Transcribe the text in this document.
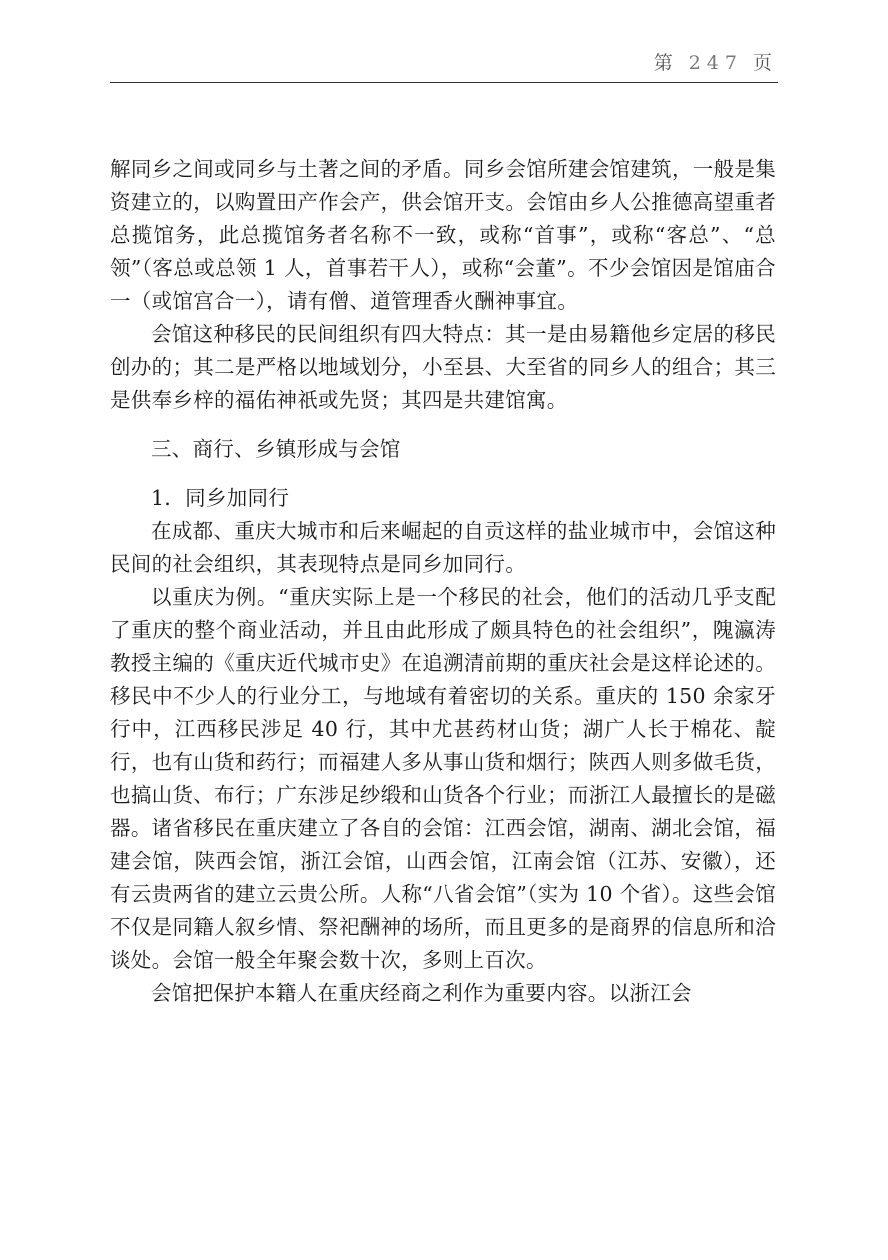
第 247 页

解同乡之间或同乡与土著之间的矛盾。同乡会馆所建会馆建筑，一般是集资建立的，以购置田产作会产，供会馆开支。会馆由乡人公推德高望重者总揽馆务，此总揽馆务者名称不一致，或称“首事”，或称“客总”、“总领”（客总或总领 1 人，首事若干人），或称“会董”。不少会馆因是馆庙合一（或馆宫合一），请有僧、道管理香火酬神事宜。

会馆这种移民的民间组织有四大特点：其一是由易籍他乡定居的移民创办的；其二是严格以地域划分，小至县、大至省的同乡人的组合；其三是供奉乡梓的福佑神祇或先贤；其四是共建馆寓。

三、商行、乡镇形成与会馆

1．同乡加同行

在成都、重庆大城市和后来崛起的自贡这样的盐业城市中，会馆这种民间的社会组织，其表现特点是同乡加同行。

以重庆为例。“重庆实际上是一个移民的社会，他们的活动几乎支配了重庆的整个商业活动，并且由此形成了颇具特色的社会组织”，隗瀛涛教授主编的《重庆近代城市史》在追溯清前期的重庆社会是这样论述的。移民中不少人的行业分工，与地域有着密切的关系。重庆的 150 余家牙行中，江西移民涉足 40 行，其中尤甚药材山货；湖广人长于棉花、靛行，也有山货和药行；而福建人多从事山货和烟行；陕西人则多做毛货，也搞山货、布行；广东涉足纱缎和山货各个行业；而浙江人最擅长的是磁器。诸省移民在重庆建立了各自的会馆：江西会馆，湖南、湖北会馆，福建会馆，陕西会馆，浙江会馆，山西会馆，江南会馆（江苏、安徽），还有云贵两省的建立云贵公所。人称“八省会馆”（实为 10 个省）。这些会馆不仅是同籍人叙乡情、祭祀酬神的场所，而且更多的是商界的信息所和洽谈处。会馆一般全年聚会数十次，多则上百次。

会馆把保护本籍人在重庆经商之利作为重要内容。以浙江会
